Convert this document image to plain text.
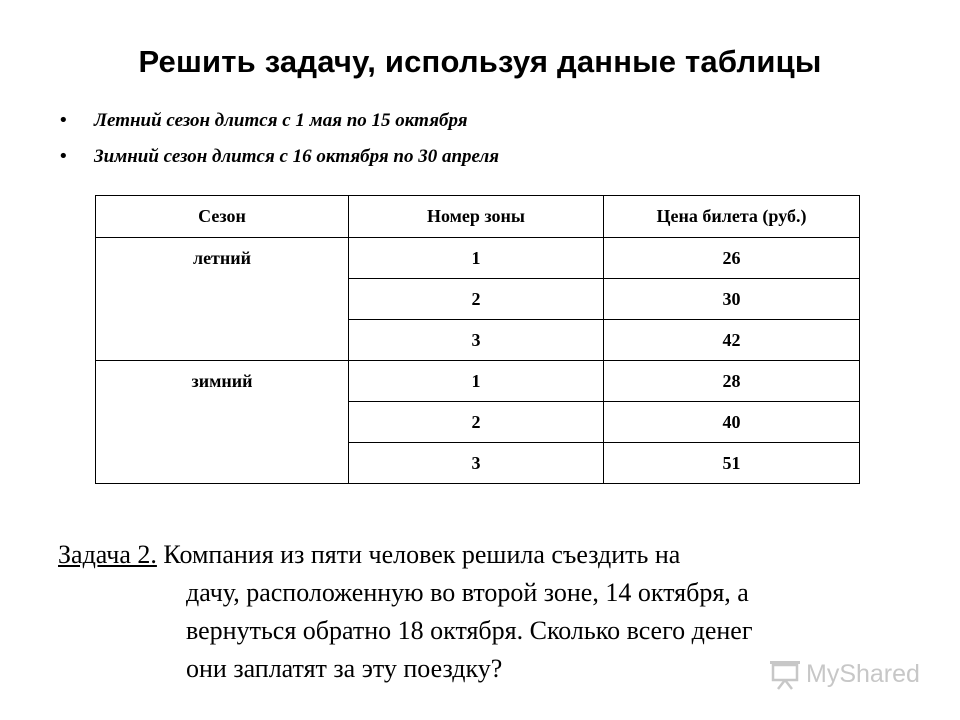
Решить задачу, используя данные таблицы
• Летний сезон длится с 1 мая по 15 октября
• Зимний сезон длится с 16 октября по 30 апреля
Сезон	Номер зоны	Цена билета (руб.)
летний	1	26
	2	30
	3	42
зимний	1	28
	2	40
	3	51
Задача 2. Компания из пяти человек решила съездить на
дачу, расположенную во второй зоне, 14 октября, а
вернуться обратно 18 октября. Сколько всего денег
они заплатят за эту поездку?	MyShared
